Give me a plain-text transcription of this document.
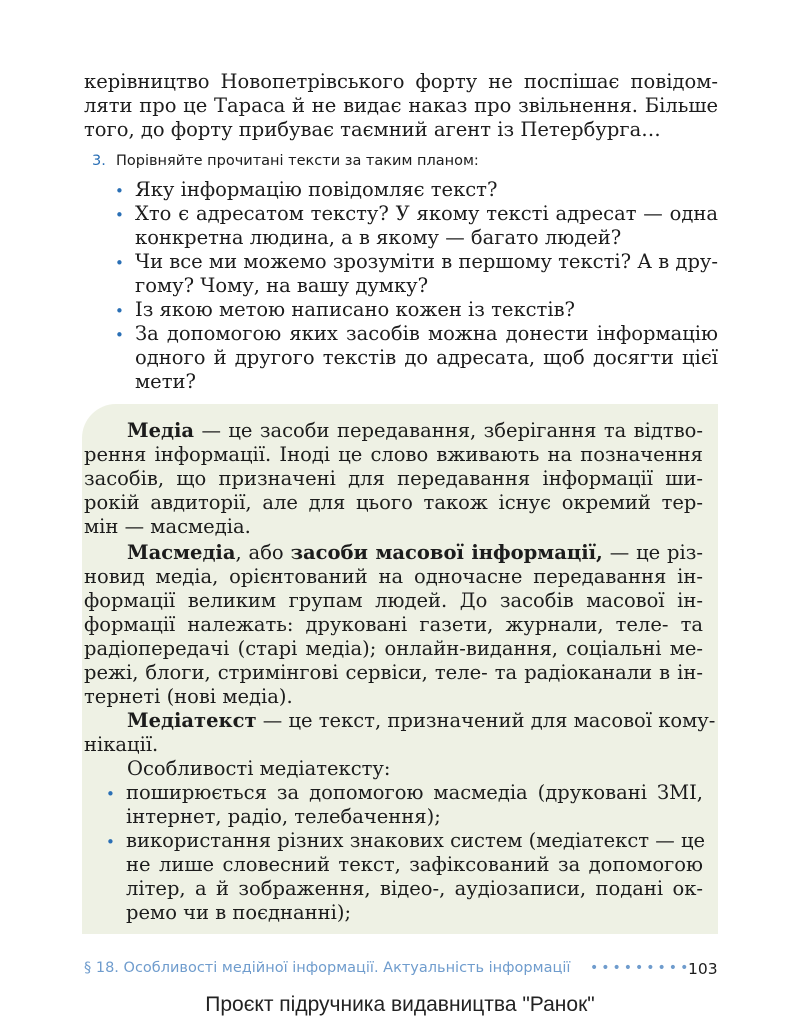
керівництво Новопетрівського форту не поспішає повідом-
ляти про це Тараса й не видає наказ про звільнення. Більше
того, до форту прибуває таємний агент із Петербурга…
3. Порівняйте прочитані тексти за таким планом:
• Яку інформацію повідомляє текст?
• Хто є адресатом тексту? У якому тексті адресат — одна
конкретна людина, а в якому — багато людей?
• Чи все ми можемо зрозуміти в першому тексті? А в дру-
гому? Чому, на вашу думку?
• Із якою метою написано кожен із текстів?
• За допомогою яких засобів можна донести інформацію
одного й другого текстів до адресата, щоб досягти цієї
мети?
Медіа — це засоби передавання, зберігання та відтво-
рення інформації. Іноді це слово вживають на позначення
засобів, що призначені для передавання інформації ши-
рокій авдиторії, але для цього також існує окремий тер-
мін — масмедіа.
Масмедіа, або засоби масової інформації, — це різ-
новид медіа, орієнтований на одночасне передавання ін-
формації великим групам людей. До засобів масової ін-
формації належать: друковані газети, журнали, теле- та
радіопередачі (старі медіа); онлайн-видання, соціальні ме-
режі, блоги, стримінгові сервіси, теле- та радіоканали в ін-
тернеті (нові медіа).
Медіатекст — це текст, призначений для масової кому-
нікації.
Особливості медіатексту:
• поширюється за допомогою масмедіа (друковані ЗМІ,
інтернет, радіо, телебачення);
• використання різних знакових систем (медіатекст — це
не лише словесний текст, зафіксований за допомогою
літер, а й зображення, відео-, аудіозаписи, подані ок-
ремо чи в поєднанні);
§ 18. Особливості медійної інформації. Актуальність інформації •••••••••
103
Проєкт підручника видавництва "Ранок"
